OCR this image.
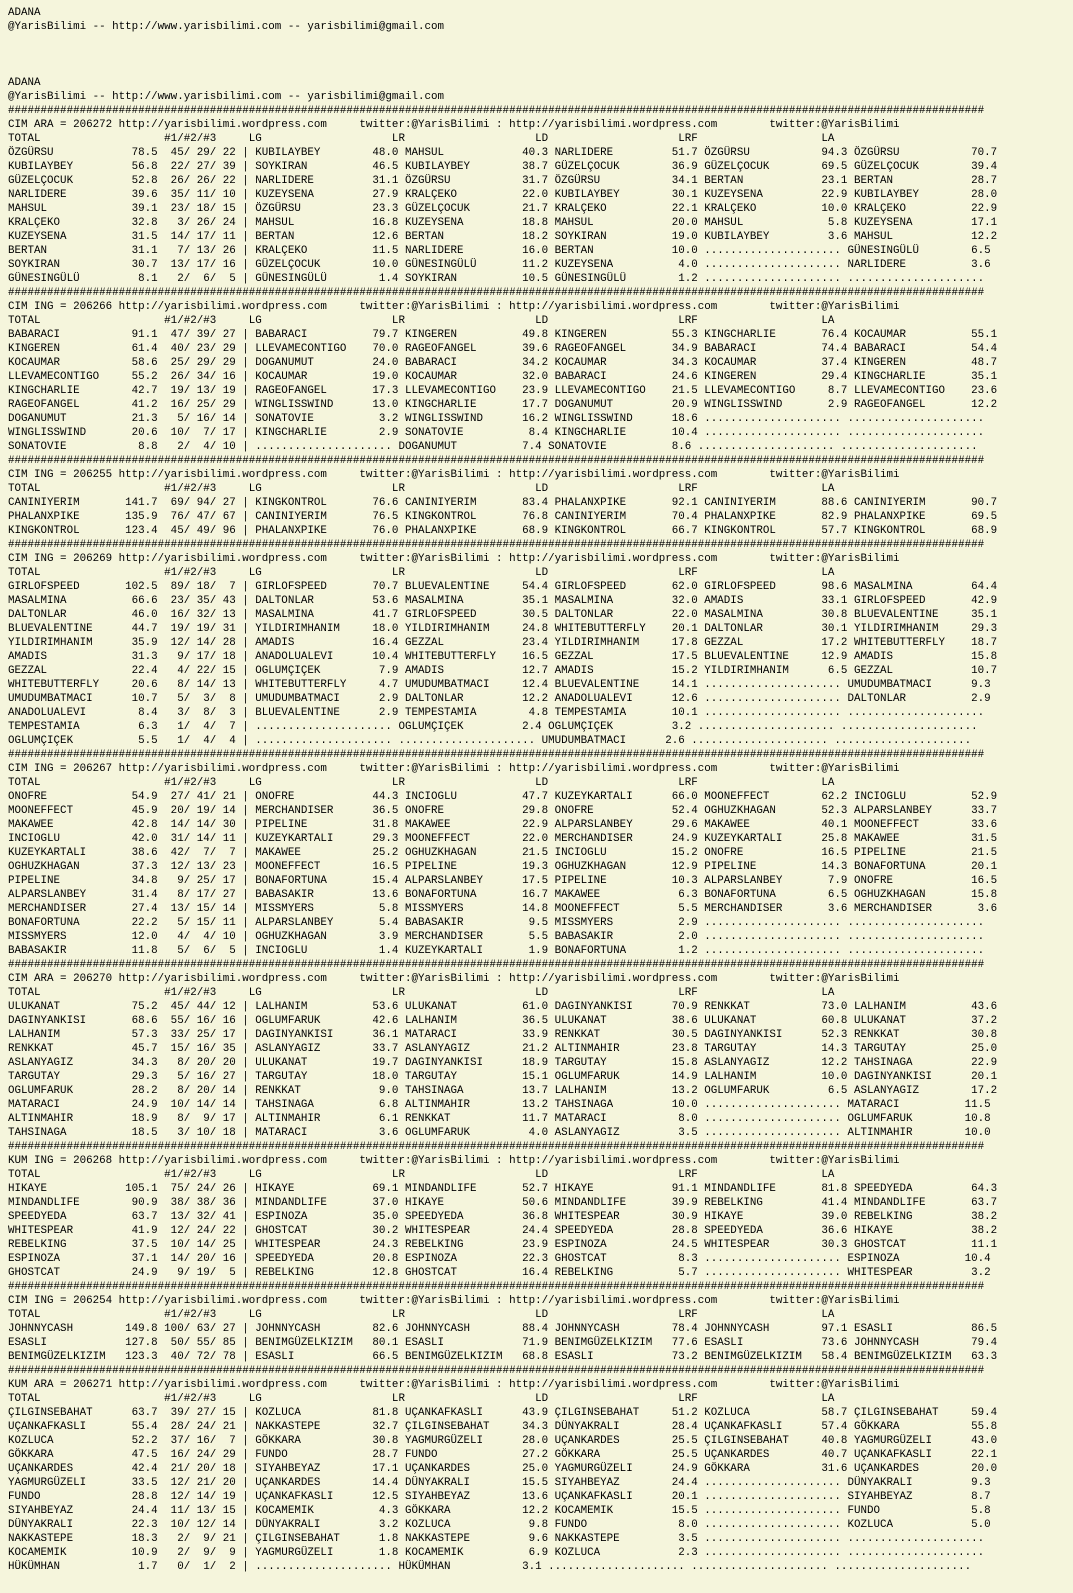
ADANA
@YarisBilimi -- http://www.yarisbilimi.com -- yarisbilimi@gmail.com
ADANA
@YarisBilimi -- http://www.yarisbilimi.com -- yarisbilimi@gmail.com
######################################################################################################################################################
CIM ARA = 206272 http://yarisbilimi.wordpress.com     twitter:@YarisBilimi : http://yarisbilimi.wordpress.com        twitter:@YarisBilimi
TOTAL                   #1/#2/#3     LG                    LR                    LD                    LRF                   LA
ÖZGÜRSU            78.5  45/ 29/ 22 | KUBILAYBEY        48.0 MAHSUL            40.3 NARLIDERE         51.7 ÖZGÜRSU           94.3 ÖZGÜRSU           70.7
KUBILAYBEY         56.8  22/ 27/ 39 | SOYKIRAN          46.5 KUBILAYBEY        38.7 GÜZELÇOCUK        36.9 GÜZELÇOCUK        69.5 GÜZELÇOCUK        39.4
GÜZELÇOCUK         52.8  26/ 26/ 22 | NARLIDERE         31.1 ÖZGÜRSU           31.7 ÖZGÜRSU           34.1 BERTAN            23.1 BERTAN            28.7
NARLIDERE          39.6  35/ 11/ 10 | KUZEYSENA         27.9 KRALÇEKO          22.0 KUBILAYBEY        30.1 KUZEYSENA         22.9 KUBILAYBEY        28.0
MAHSUL             39.1  23/ 18/ 15 | ÖZGÜRSU           23.3 GÜZELÇOCUK        21.7 KRALÇEKO          22.1 KRALÇEKO          10.0 KRALÇEKO          22.9
KRALÇEKO           32.8   3/ 26/ 24 | MAHSUL            16.8 KUZEYSENA         18.8 MAHSUL            20.0 MAHSUL             5.8 KUZEYSENA         17.1
KUZEYSENA          31.5  14/ 17/ 11 | BERTAN            12.6 BERTAN            18.2 SOYKIRAN          19.0 KUBILAYBEY         3.6 MAHSUL            12.2
BERTAN             31.1   7/ 13/ 26 | KRALÇEKO          11.5 NARLIDERE         16.0 BERTAN            10.0 ..................... GÜNESINGÜLÜ        6.5
SOYKIRAN           30.7  13/ 17/ 16 | GÜZELÇOCUK        10.0 GÜNESINGÜLÜ       11.2 KUZEYSENA          4.0 ..................... NARLIDERE          3.6
GÜNESINGÜLÜ         8.1   2/  6/  5 | GÜNESINGÜLÜ        1.4 SOYKIRAN          10.5 GÜNESINGÜLÜ        1.2 ..................... .....................
######################################################################################################################################################
CIM ING = 206266 http://yarisbilimi.wordpress.com     twitter:@YarisBilimi : http://yarisbilimi.wordpress.com        twitter:@YarisBilimi
TOTAL                   #1/#2/#3     LG                    LR                    LD                    LRF                   LA
BABARACI           91.1  47/ 39/ 27 | BABARACI          79.7 KINGEREN          49.8 KINGEREN          55.3 KINGCHARLIE       76.4 KOCAUMAR          55.1
KINGEREN           61.4  40/ 23/ 29 | LLEVAMECONTIGO    70.0 RAGEOFANGEL       39.6 RAGEOFANGEL       34.9 BABARACI          74.4 BABARACI          54.4
KOCAUMAR           58.6  25/ 29/ 29 | DOGANUMUT         24.0 BABARACI          34.2 KOCAUMAR          34.3 KOCAUMAR          37.4 KINGEREN          48.7
LLEVAMECONTIGO     55.2  26/ 34/ 16 | KOCAUMAR          19.0 KOCAUMAR          32.0 BABARACI          24.6 KINGEREN          29.4 KINGCHARLIE       35.1
KINGCHARLIE        42.7  19/ 13/ 19 | RAGEOFANGEL       17.3 LLEVAMECONTIGO    23.9 LLEVAMECONTIGO    21.5 LLEVAMECONTIGO     8.7 LLEVAMECONTIGO    23.6
RAGEOFANGEL        41.2  16/ 25/ 29 | WINGLISSWIND      13.0 KINGCHARLIE       17.7 DOGANUMUT         20.9 WINGLISSWIND       2.9 RAGEOFANGEL       12.2
DOGANUMUT          21.3   5/ 16/ 14 | SONATOVIE          3.2 WINGLISSWIND      16.2 WINGLISSWIND      18.6 ..................... .....................
WINGLISSWIND       20.6  10/  7/ 17 | KINGCHARLIE        2.9 SONATOVIE          8.4 KINGCHARLIE       10.4 ..................... .....................
SONATOVIE           8.8   2/  4/ 10 | ..................... DOGANUMUT          7.4 SONATOVIE          8.6 ..................... .....................
######################################################################################################################################################
CIM ING = 206255 http://yarisbilimi.wordpress.com     twitter:@YarisBilimi : http://yarisbilimi.wordpress.com        twitter:@YarisBilimi
TOTAL                   #1/#2/#3     LG                    LR                    LD                    LRF                   LA
CANINIYERIM       141.7  69/ 94/ 27 | KINGKONTROL       76.6 CANINIYERIM       83.4 PHALANXPIKE       92.1 CANINIYERIM       88.6 CANINIYERIM       90.7
PHALANXPIKE       135.9  76/ 47/ 67 | CANINIYERIM       76.5 KINGKONTROL       76.8 CANINIYERIM       70.4 PHALANXPIKE       82.9 PHALANXPIKE       69.5
KINGKONTROL       123.4  45/ 49/ 96 | PHALANXPIKE       76.0 PHALANXPIKE       68.9 KINGKONTROL       66.7 KINGKONTROL       57.7 KINGKONTROL       68.9
######################################################################################################################################################
CIM ING = 206269 http://yarisbilimi.wordpress.com     twitter:@YarisBilimi : http://yarisbilimi.wordpress.com        twitter:@YarisBilimi
TOTAL                   #1/#2/#3     LG                    LR                    LD                    LRF                   LA
GIRLOFSPEED       102.5  89/ 18/  7 | GIRLOFSPEED       70.7 BLUEVALENTINE     54.4 GIRLOFSPEED       62.0 GIRLOFSPEED       98.6 MASALMINA         64.4
MASALMINA          66.6  23/ 35/ 43 | DALTONLAR         53.6 MASALMINA         35.1 MASALMINA         32.0 AMADIS            33.1 GIRLOFSPEED       42.9
DALTONLAR          46.0  16/ 32/ 13 | MASALMINA         41.7 GIRLOFSPEED       30.5 DALTONLAR         22.0 MASALMINA         30.8 BLUEVALENTINE     35.1
BLUEVALENTINE      44.7  19/ 19/ 31 | YILDIRIMHANIM     18.0 YILDIRIMHANIM     24.8 WHITEBUTTERFLY    20.1 DALTONLAR         30.1 YILDIRIMHANIM     29.3
YILDIRIMHANIM      35.9  12/ 14/ 28 | AMADIS            16.4 GEZZAL            23.4 YILDIRIMHANIM     17.8 GEZZAL            17.2 WHITEBUTTERFLY    18.7
AMADIS             31.3   9/ 17/ 18 | ANADOLUALEVI      10.4 WHITEBUTTERFLY    16.5 GEZZAL            17.5 BLUEVALENTINE     12.9 AMADIS            15.8
GEZZAL             22.4   4/ 22/ 15 | OGLUMÇIÇEK         7.9 AMADIS            12.7 AMADIS            15.2 YILDIRIMHANIM      6.5 GEZZAL            10.7
WHITEBUTTERFLY     20.6   8/ 14/ 13 | WHITEBUTTERFLY     4.7 UMUDUMBATMACI     12.4 BLUEVALENTINE     14.1 ..................... UMUDUMBATMACI      9.3
UMUDUMBATMACI      10.7   5/  3/  8 | UMUDUMBATMACI      2.9 DALTONLAR         12.2 ANADOLUALEVI      12.6 ..................... DALTONLAR          2.9
ANADOLUALEVI        8.4   3/  8/  3 | BLUEVALENTINE      2.9 TEMPESTAMIA        4.8 TEMPESTAMIA       10.1 ..................... .....................
TEMPESTAMIA         6.3   1/  4/  7 | ..................... OGLUMÇIÇEK         2.4 OGLUMÇIÇEK         3.2 ..................... .....................
OGLUMÇIÇEK          5.5   1/  4/  4 | ..................... ..................... UMUDUMBATMACI      2.6 ..................... .....................
######################################################################################################################################################
CIM ING = 206267 http://yarisbilimi.wordpress.com     twitter:@YarisBilimi : http://yarisbilimi.wordpress.com        twitter:@YarisBilimi
TOTAL                   #1/#2/#3     LG                    LR                    LD                    LRF                   LA
ONOFRE             54.9  27/ 41/ 21 | ONOFRE            44.3 INCIOGLU          47.7 KUZEYKARTALI      66.0 MOONEFFECT        62.2 INCIOGLU          52.9
MOONEFFECT         45.9  20/ 19/ 14 | MERCHANDISER      36.5 ONOFRE            29.8 ONOFRE            52.4 OGHUZKHAGAN       52.3 ALPARSLANBEY      33.7
MAKAWEE            42.8  14/ 14/ 30 | PIPELINE          31.8 MAKAWEE           22.9 ALPARSLANBEY      29.6 MAKAWEE           40.1 MOONEFFECT        33.6
INCIOGLU           42.0  31/ 14/ 11 | KUZEYKARTALI      29.3 MOONEFFECT        22.0 MERCHANDISER      24.9 KUZEYKARTALI      25.8 MAKAWEE           31.5
KUZEYKARTALI       38.6  42/  7/  7 | MAKAWEE           25.2 OGHUZKHAGAN       21.5 INCIOGLU          15.2 ONOFRE            16.5 PIPELINE          21.5
OGHUZKHAGAN        37.3  12/ 13/ 23 | MOONEFFECT        16.5 PIPELINE          19.3 OGHUZKHAGAN       12.9 PIPELINE          14.3 BONAFORTUNA       20.1
PIPELINE           34.8   9/ 25/ 17 | BONAFORTUNA       15.4 ALPARSLANBEY      17.5 PIPELINE          10.3 ALPARSLANBEY       7.9 ONOFRE            16.5
ALPARSLANBEY       31.4   8/ 17/ 27 | BABASAKIR         13.6 BONAFORTUNA       16.7 MAKAWEE            6.3 BONAFORTUNA        6.5 OGHUZKHAGAN       15.8
MERCHANDISER       27.4  13/ 15/ 14 | MISSMYERS          5.8 MISSMYERS         14.8 MOONEFFECT         5.5 MERCHANDISER       3.6 MERCHANDISER       3.6
BONAFORTUNA        22.2   5/ 15/ 11 | ALPARSLANBEY       5.4 BABASAKIR          9.5 MISSMYERS          2.9 ..................... .....................
MISSMYERS          12.0   4/  4/ 10 | OGHUZKHAGAN        3.9 MERCHANDISER       5.5 BABASAKIR          2.0 ..................... .....................
BABASAKIR          11.8   5/  6/  5 | INCIOGLU           1.4 KUZEYKARTALI       1.9 BONAFORTUNA        1.2 ..................... .....................
######################################################################################################################################################
CIM ARA = 206270 http://yarisbilimi.wordpress.com     twitter:@YarisBilimi : http://yarisbilimi.wordpress.com        twitter:@YarisBilimi
TOTAL                   #1/#2/#3     LG                    LR                    LD                    LRF                   LA
ULUKANAT           75.2  45/ 44/ 12 | LALHANIM          53.6 ULUKANAT          61.0 DAGINYANKISI      70.9 RENKKAT           73.0 LALHANIM          43.6
DAGINYANKISI       68.6  55/ 16/ 16 | OGLUMFARUK        42.6 LALHANIM          36.5 ULUKANAT          38.6 ULUKANAT          60.8 ULUKANAT          37.2
LALHANIM           57.3  33/ 25/ 17 | DAGINYANKISI      36.1 MATARACI          33.9 RENKKAT           30.5 DAGINYANKISI      52.3 RENKKAT           30.8
RENKKAT            45.7  15/ 16/ 35 | ASLANYAGIZ        33.7 ASLANYAGIZ        21.2 ALTINMAHIR        23.8 TARGUTAY          14.3 TARGUTAY          25.0
ASLANYAGIZ         34.3   8/ 20/ 20 | ULUKANAT          19.7 DAGINYANKISI      18.9 TARGUTAY          15.8 ASLANYAGIZ        12.2 TAHSINAGA         22.9
TARGUTAY           29.3   5/ 16/ 27 | TARGUTAY          18.0 TARGUTAY          15.1 OGLUMFARUK        14.9 LALHANIM          10.0 DAGINYANKISI      20.1
OGLUMFARUK         28.2   8/ 20/ 14 | RENKKAT            9.0 TAHSINAGA         13.7 LALHANIM          13.2 OGLUMFARUK         6.5 ASLANYAGIZ        17.2
MATARACI           24.9  10/ 14/ 14 | TAHSINAGA          6.8 ALTINMAHIR        13.2 TAHSINAGA         10.0 ..................... MATARACI          11.5
ALTINMAHIR         18.9   8/  9/ 17 | ALTINMAHIR         6.1 RENKKAT           11.7 MATARACI           8.0 ..................... OGLUMFARUK        10.8
TAHSINAGA          18.5   3/ 10/ 18 | MATARACI           3.6 OGLUMFARUK         4.0 ASLANYAGIZ         3.5 ..................... ALTINMAHIR        10.0
######################################################################################################################################################
KUM ING = 206268 http://yarisbilimi.wordpress.com     twitter:@YarisBilimi : http://yarisbilimi.wordpress.com        twitter:@YarisBilimi
TOTAL                   #1/#2/#3     LG                    LR                    LD                    LRF                   LA
HIKAYE            105.1  75/ 24/ 26 | HIKAYE            69.1 MINDANDLIFE       52.7 HIKAYE            91.1 MINDANDLIFE       81.8 SPEEDYEDA         64.3
MINDANDLIFE        90.9  38/ 38/ 36 | MINDANDLIFE       37.0 HIKAYE            50.6 MINDANDLIFE       39.9 REBELKING         41.4 MINDANDLIFE       63.7
SPEEDYEDA          63.7  13/ 32/ 41 | ESPINOZA          35.0 SPEEDYEDA         36.8 WHITESPEAR        30.9 HIKAYE            39.0 REBELKING         38.2
WHITESPEAR         41.9  12/ 24/ 22 | GHOSTCAT          30.2 WHITESPEAR        24.4 SPEEDYEDA         28.8 SPEEDYEDA         36.6 HIKAYE            38.2
REBELKING          37.5  10/ 14/ 25 | WHITESPEAR        24.3 REBELKING         23.9 ESPINOZA          24.5 WHITESPEAR        30.3 GHOSTCAT          11.1
ESPINOZA           37.1  14/ 20/ 16 | SPEEDYEDA         20.8 ESPINOZA          22.3 GHOSTCAT           8.3 ..................... ESPINOZA          10.4
GHOSTCAT           24.9   9/ 19/  5 | REBELKING         12.8 GHOSTCAT          16.4 REBELKING          5.7 ..................... WHITESPEAR         3.2
######################################################################################################################################################
CIM ING = 206254 http://yarisbilimi.wordpress.com     twitter:@YarisBilimi : http://yarisbilimi.wordpress.com        twitter:@YarisBilimi
TOTAL                   #1/#2/#3     LG                    LR                    LD                    LRF                   LA
JOHNNYCASH        149.8 100/ 63/ 27 | JOHNNYCASH        82.6 JOHNNYCASH        88.4 JOHNNYCASH        78.4 JOHNNYCASH        97.1 ESASLI            86.5
ESASLI            127.8  50/ 55/ 85 | BENIMGÜZELKIZIM   80.1 ESASLI            71.9 BENIMGÜZELKIZIM   77.6 ESASLI            73.6 JOHNNYCASH        79.4
BENIMGÜZELKIZIM   123.3  40/ 72/ 78 | ESASLI            66.5 BENIMGÜZELKIZIM   68.8 ESASLI            73.2 BENIMGÜZELKIZIM   58.4 BENIMGÜZELKIZIM   63.3
######################################################################################################################################################
KUM ARA = 206271 http://yarisbilimi.wordpress.com     twitter:@YarisBilimi : http://yarisbilimi.wordpress.com        twitter:@YarisBilimi
TOTAL                   #1/#2/#3     LG                    LR                    LD                    LRF                   LA
ÇILGINSEBAHAT      63.7  39/ 27/ 15 | KOZLUCA           81.8 UÇANKAFKASLI      43.9 ÇILGINSEBAHAT     51.2 KOZLUCA           58.7 ÇILGINSEBAHAT     59.4
UÇANKAFKASLI       55.4  28/ 24/ 21 | NAKKASTEPE        32.7 ÇILGINSEBAHAT     34.3 DÜNYAKRALI        28.4 UÇANKAFKASLI      57.4 GÖKKARA           55.8
KOZLUCA            52.2  37/ 16/  7 | GÖKKARA           30.8 YAGMURGÜZELI      28.0 UÇANKARDES        25.5 ÇILGINSEBAHAT     40.8 YAGMURGÜZELI      43.0
GÖKKARA            47.5  16/ 24/ 29 | FUNDO             28.7 FUNDO             27.2 GÖKKARA           25.5 UÇANKARDES        40.7 UÇANKAFKASLI      22.1
UÇANKARDES         42.4  21/ 20/ 18 | SIYAHBEYAZ        17.1 UÇANKARDES        25.0 YAGMURGÜZELI      24.9 GÖKKARA           31.6 UÇANKARDES        20.0
YAGMURGÜZELI       33.5  12/ 21/ 20 | UÇANKARDES        14.4 DÜNYAKRALI        15.5 SIYAHBEYAZ        24.4 ..................... DÜNYAKRALI         9.3
FUNDO              28.8  12/ 14/ 19 | UÇANKAFKASLI      12.5 SIYAHBEYAZ        13.6 UÇANKAFKASLI      20.1 ..................... SIYAHBEYAZ         8.7
SIYAHBEYAZ         24.4  11/ 13/ 15 | KOCAMEMIK          4.3 GÖKKARA           12.2 KOCAMEMIK         15.5 ..................... FUNDO              5.8
DÜNYAKRALI         22.3  10/ 12/ 14 | DÜNYAKRALI         3.2 KOZLUCA            9.8 FUNDO              8.0 ..................... KOZLUCA            5.0
NAKKASTEPE         18.3   2/  9/ 21 | ÇILGINSEBAHAT      1.8 NAKKASTEPE         9.6 NAKKASTEPE         3.5 ..................... .....................
KOCAMEMIK          10.9   2/  9/  9 | YAGMURGÜZELI       1.8 KOCAMEMIK          6.9 KOZLUCA            2.3 ..................... .....................
HÜKÜMHAN            1.7   0/  1/  2 | ..................... HÜKÜMHAN           3.1 ..................... ..................... .....................
